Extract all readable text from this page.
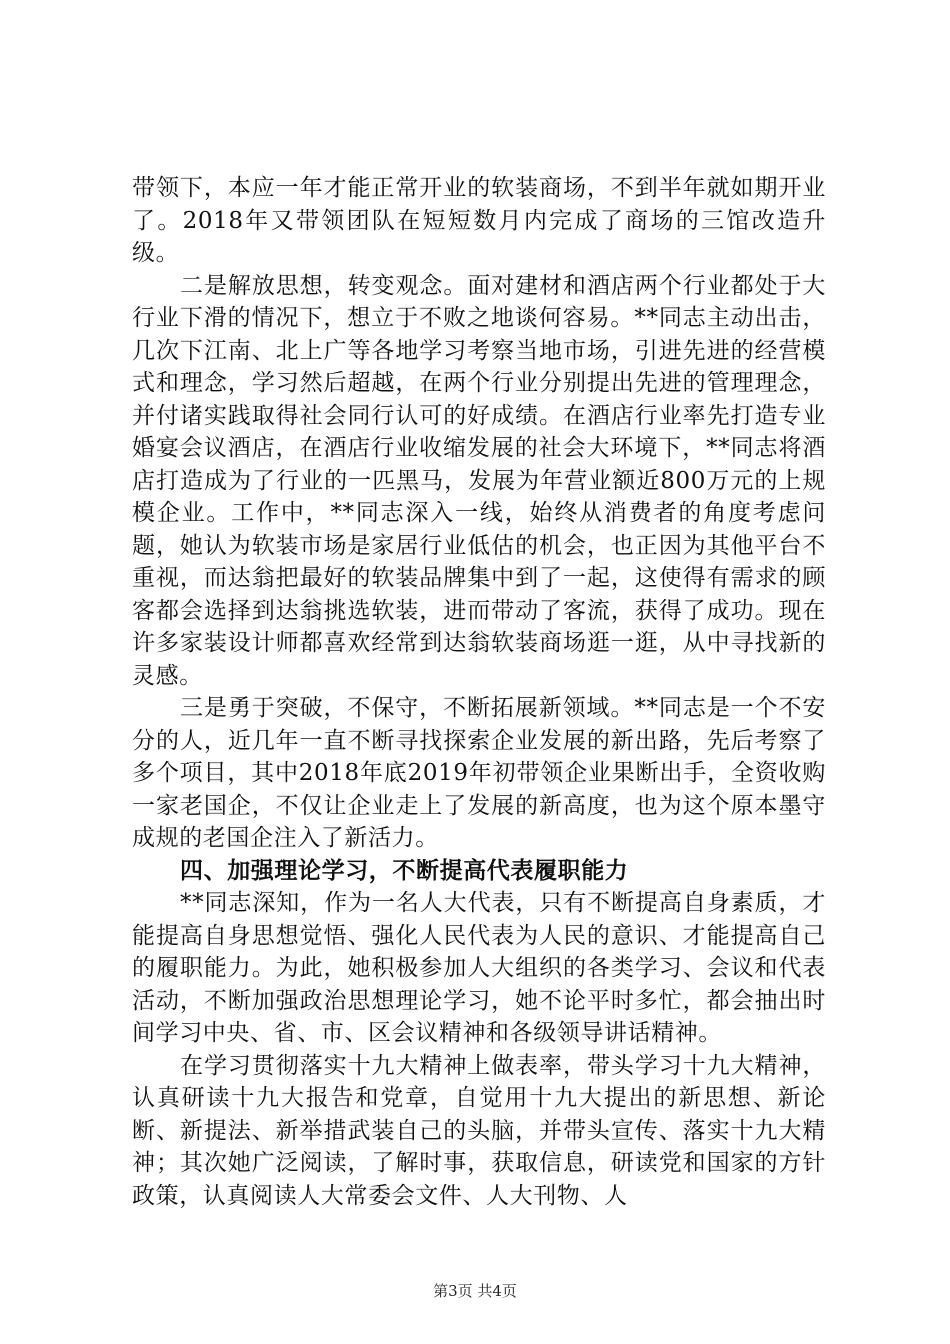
带领下，本应一年才能正常开业的软装商场，不到半年就如期开业了。2018年又带领团队在短短数月内完成了商场的三馆改造升级。

二是解放思想，转变观念。面对建材和酒店两个行业都处于大行业下滑的情况下，想立于不败之地谈何容易。**同志主动出击，几次下江南、北上广等各地学习考察当地市场，引进先进的经营模式和理念，学习然后超越，在两个行业分别提出先进的管理理念，并付诸实践取得社会同行认可的好成绩。在酒店行业率先打造专业婚宴会议酒店，在酒店行业收缩发展的社会大环境下，**同志将酒店打造成为了行业的一匹黑马，发展为年营业额近800万元的上规模企业。工作中，**同志深入一线，始终从消费者的角度考虑问题，她认为软装市场是家居行业低估的机会，也正因为其他平台不重视，而达翁把最好的软装品牌集中到了一起，这使得有需求的顾客都会选择到达翁挑选软装，进而带动了客流，获得了成功。现在许多家装设计师都喜欢经常到达翁软装商场逛一逛，从中寻找新的灵感。

三是勇于突破，不保守，不断拓展新领域。**同志是一个不安分的人，近几年一直不断寻找探索企业发展的新出路，先后考察了多个项目，其中2018年底2019年初带领企业果断出手，全资收购一家老国企，不仅让企业走上了发展的新高度，也为这个原本墨守成规的老国企注入了新活力。

四、加强理论学习，不断提高代表履职能力

**同志深知，作为一名人大代表，只有不断提高自身素质，才能提高自身思想觉悟、强化人民代表为人民的意识、才能提高自己的履职能力。为此，她积极参加人大组织的各类学习、会议和代表活动，不断加强政治思想理论学习，她不论平时多忙，都会抽出时间学习中央、省、市、区会议精神和各级领导讲话精神。

在学习贯彻落实十九大精神上做表率，带头学习十九大精神，认真研读十九大报告和党章，自觉用十九大提出的新思想、新论断、新提法、新举措武装自己的头脑，并带头宣传、落实十九大精神；其次她广泛阅读，了解时事，获取信息，研读党和国家的方针政策，认真阅读人大常委会文件、人大刊物、人

第3页 共4页
